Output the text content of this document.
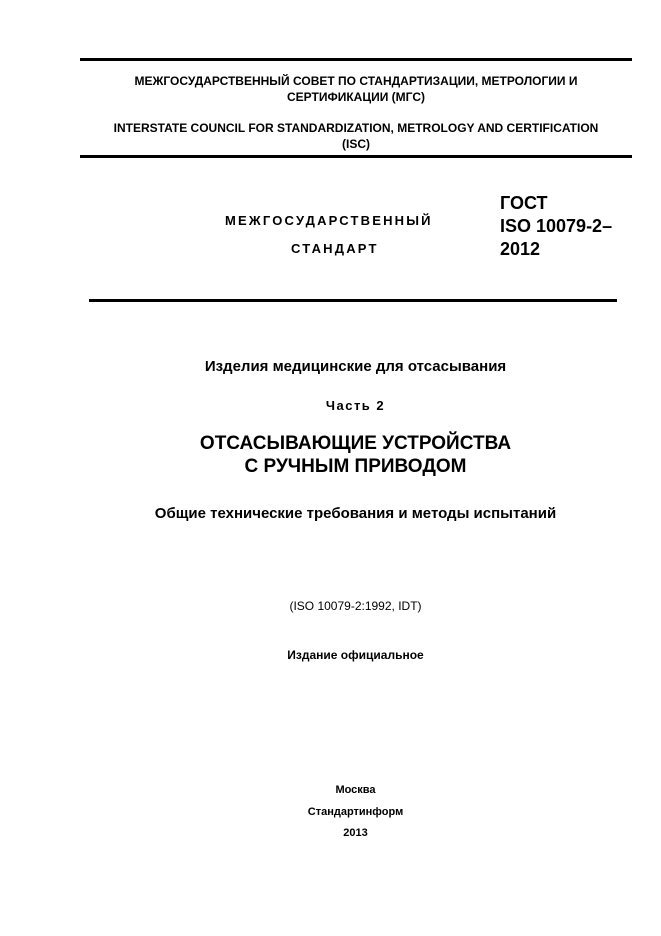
МЕЖГОСУДАРСТВЕННЫЙ СОВЕТ ПО СТАНДАРТИЗАЦИИ, МЕТРОЛОГИИ И
СЕРТИФИКАЦИИ (МГС)
INTERSTATE COUNCIL FOR STANDARDIZATION, METROLOGY AND CERTIFICATION
(ISC)
МЕЖГОСУДАРСТВЕННЫЙ
СТАНДАРТ
ГОСТ
ISO 10079-2–
2012
Изделия медицинские для отсасывания
Часть 2
ОТСАСЫВАЮЩИЕ УСТРОЙСТВА
С РУЧНЫМ ПРИВОДОМ
Общие технические требования и методы испытаний
(ISO 10079-2:1992, IDT)
Издание официальное
Москва
Стандартинформ
2013
